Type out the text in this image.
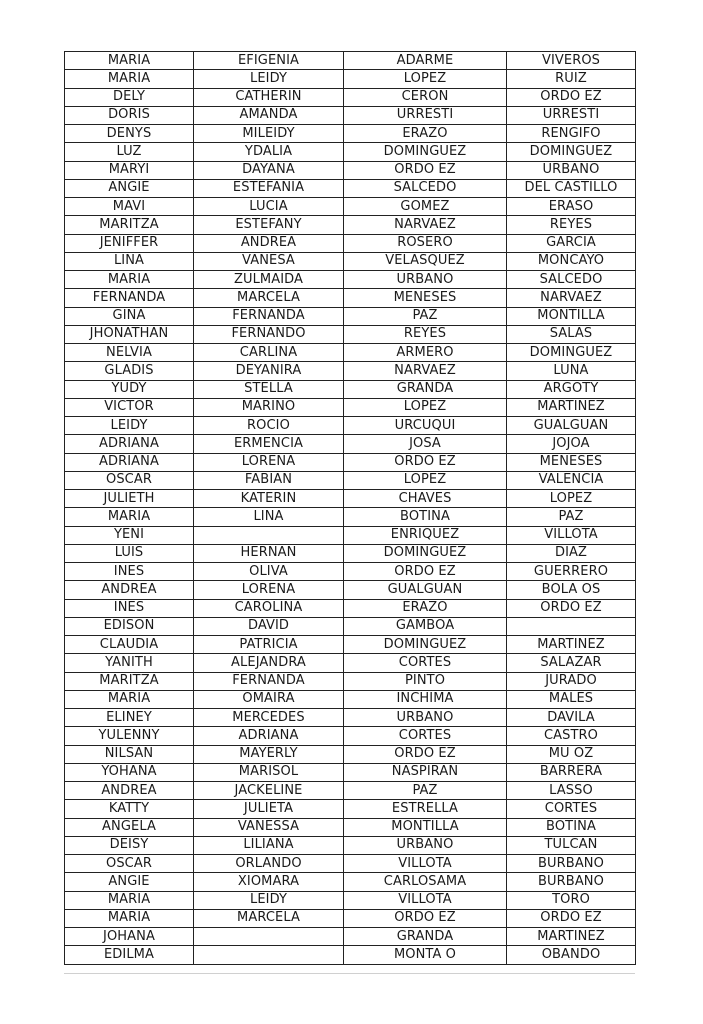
MARIA	EFIGENIA	ADARME	VIVEROS
MARIA	LEIDY	LOPEZ	RUIZ
DELY	CATHERIN	CERON	ORDO EZ
DORIS	AMANDA	URRESTI	URRESTI
DENYS	MILEIDY	ERAZO	RENGIFO
LUZ	YDALIA	DOMINGUEZ	DOMINGUEZ
MARYI	DAYANA	ORDO EZ	URBANO
ANGIE	ESTEFANIA	SALCEDO	DEL CASTILLO
MAVI	LUCIA	GOMEZ	ERASO
MARITZA	ESTEFANY	NARVAEZ	REYES
JENIFFER	ANDREA	ROSERO	GARCIA
LINA	VANESA	VELASQUEZ	MONCAYO
MARIA	ZULMAIDA	URBANO	SALCEDO
FERNANDA	MARCELA	MENESES	NARVAEZ
GINA	FERNANDA	PAZ	MONTILLA
JHONATHAN	FERNANDO	REYES	SALAS
NELVIA	CARLINA	ARMERO	DOMINGUEZ
GLADIS	DEYANIRA	NARVAEZ	LUNA
YUDY	STELLA	GRANDA	ARGOTY
VICTOR	MARINO	LOPEZ	MARTINEZ
LEIDY	ROCIO	URCUQUI	GUALGUAN
ADRIANA	ERMENCIA	JOSA	JOJOA
ADRIANA	LORENA	ORDO EZ	MENESES
OSCAR	FABIAN	LOPEZ	VALENCIA
JULIETH	KATERIN	CHAVES	LOPEZ
MARIA	LINA	BOTINA	PAZ
YENI		ENRIQUEZ	VILLOTA
LUIS	HERNAN	DOMINGUEZ	DIAZ
INES	OLIVA	ORDO EZ	GUERRERO
ANDREA	LORENA	GUALGUAN	BOLA OS
INES	CAROLINA	ERAZO	ORDO EZ
EDISON	DAVID	GAMBOA	
CLAUDIA	PATRICIA	DOMINGUEZ	MARTINEZ
YANITH	ALEJANDRA	CORTES	SALAZAR
MARITZA	FERNANDA	PINTO	JURADO
MARIA	OMAIRA	INCHIMA	MALES
ELINEY	MERCEDES	URBANO	DAVILA
YULENNY	ADRIANA	CORTES	CASTRO
NILSAN	MAYERLY	ORDO EZ	MU OZ
YOHANA	MARISOL	NASPIRAN	BARRERA
ANDREA	JACKELINE	PAZ	LASSO
KATTY	JULIETA	ESTRELLA	CORTES
ANGELA	VANESSA	MONTILLA	BOTINA
DEISY	LILIANA	URBANO	TULCAN
OSCAR	ORLANDO	VILLOTA	BURBANO
ANGIE	XIOMARA	CARLOSAMA	BURBANO
MARIA	LEIDY	VILLOTA	TORO
MARIA	MARCELA	ORDO EZ	ORDO EZ
JOHANA		GRANDA	MARTINEZ
EDILMA		MONTA O	OBANDO
